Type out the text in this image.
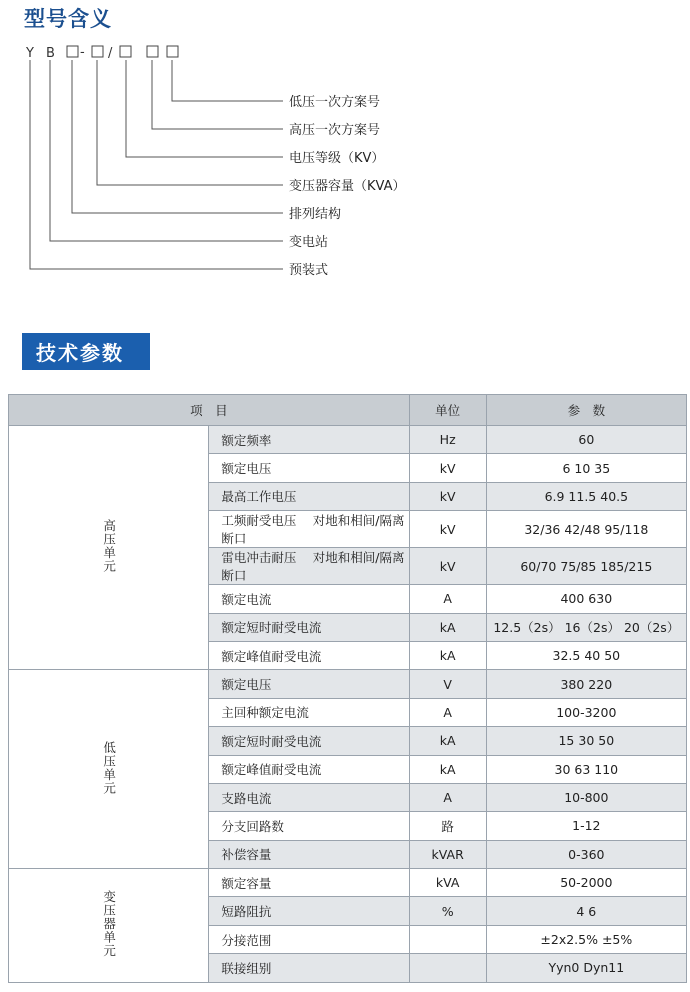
型号含义
Y B - /
低压一次方案号
高压一次方案号
电压等级（KV）
变压器容量（KVA）
排列结构
变电站
预装式
技术参数
项　目		单位	参　数
高压单元	额定频率	Hz	60
	额定电压	kV	6 10 35
	最高工作电压	kV	6.9 11.5 40.5
	工频耐受电压　 对地和相间/隔离断口	kV	32/36 42/48 95/118
	雷电冲击耐压　 对地和相间/隔离断口	kV	60/70 75/85 185/215
	额定电流	A	400 630
	额定短时耐受电流	kA	12.5（2s） 16（2s） 20（2s）
	额定峰值耐受电流	kA	32.5 40 50
低压单元	额定电压	V	380 220
	主回种额定电流	A	100-3200
	额定短时耐受电流	kA	15 30 50
	额定峰值耐受电流	kA	30 63 110
	支路电流	A	10-800
	分支回路数	路	1-12
	补偿容量	kVAR	0-360
变压器单元	额定容量	kVA	50-2000
	短路阻抗	%	4 6
	分接范围		±2x2.5% ±5%
	联接组别		Yyn0 Dyn11
